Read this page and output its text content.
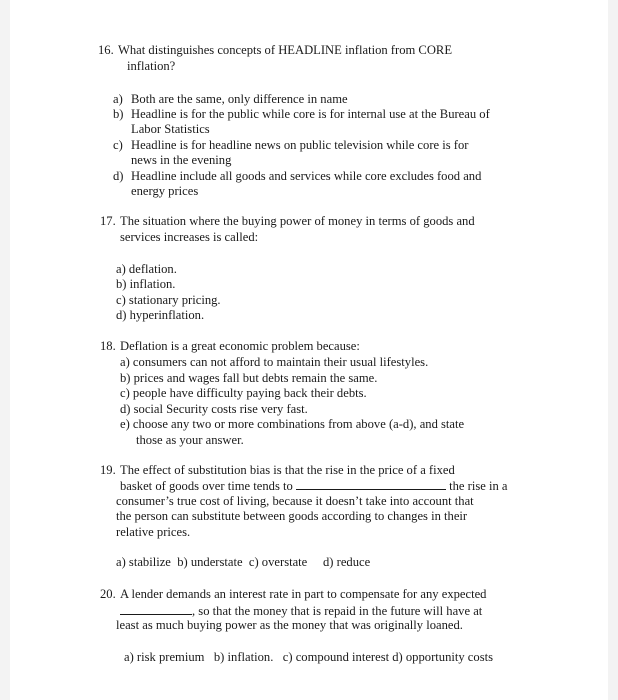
16. What distinguishes concepts of HEADLINE inflation from CORE
inflation?
a) Both are the same, only difference in name
b) Headline is for the public while core is for internal use at the Bureau of
Labor Statistics
c) Headline is for headline news on public television while core is for
news in the evening
d) Headline include all goods and services while core excludes food and
energy prices
17. The situation where the buying power of money in terms of goods and
services increases is called:
a) deflation.
b) inflation.
c) stationary pricing.
d) hyperinflation.
18. Deflation is a great economic problem because:
a) consumers can not afford to maintain their usual lifestyles.
b) prices and wages fall but debts remain the same.
c) people have difficulty paying back their debts.
d) social Security costs rise very fast.
e) choose any two or more combinations from above (a-d), and state
those as your answer.
19. The effect of substitution bias is that the rise in the price of a fixed
basket of goods over time tends to	the rise in a
consumer’s true cost of living, because it doesn’t take into account that
the person can substitute between goods according to changes in their
relative prices.
a) stabilize  b) understate  c) overstate     d) reduce
20. A lender demands an interest rate in part to compensate for any expected
, so that the money that is repaid in the future will have at
least as much buying power as the money that was originally loaned.
a) risk premium   b) inflation.   c) compound interest d) opportunity costs
